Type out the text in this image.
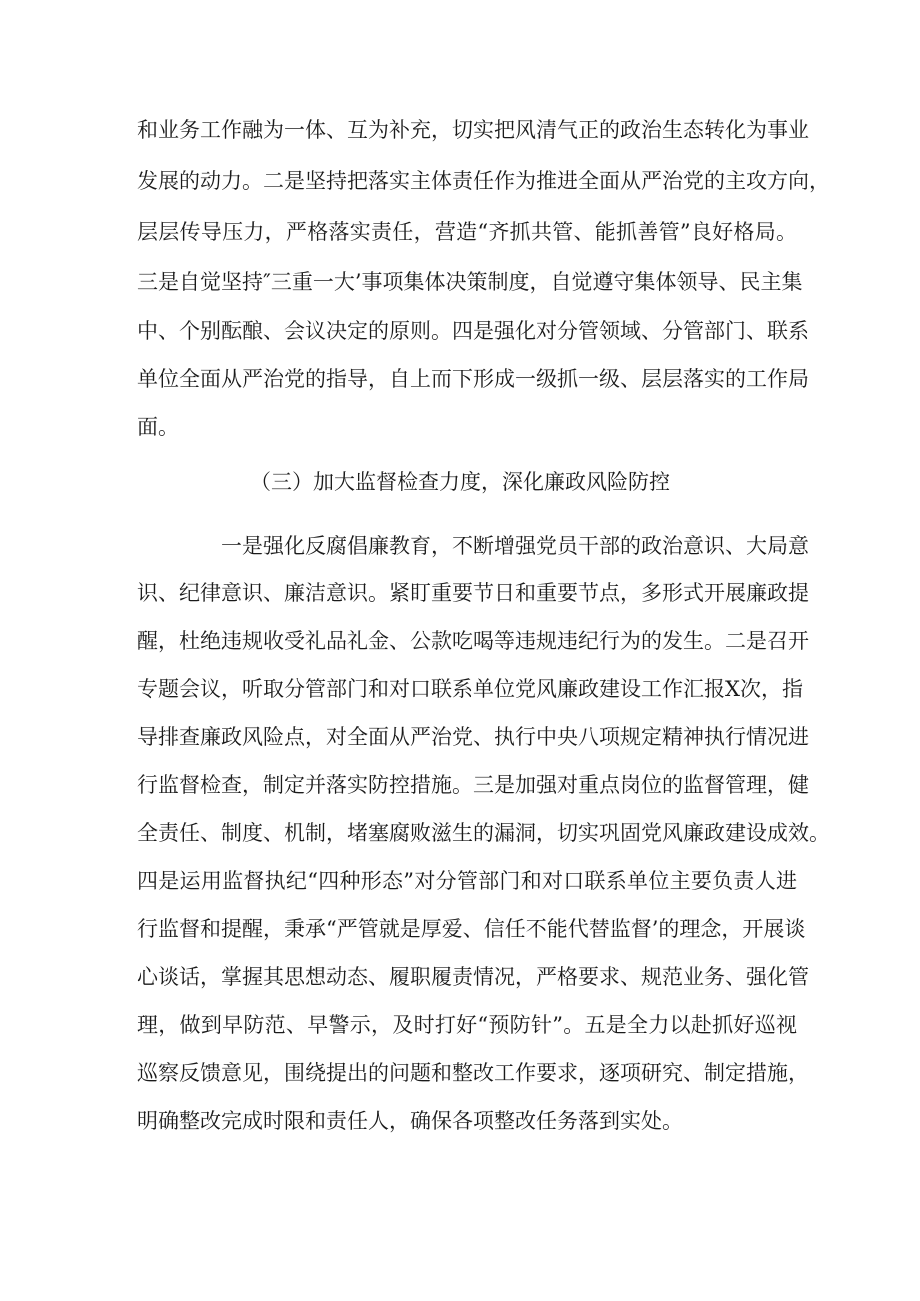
和业务工作融为一体、互为补充，切实把风清气正的政治生态转化为事业
发展的动力。二是坚持把落实主体责任作为推进全面从严治党的主攻方向，
层层传导压力，严格落实责任，营造“齐抓共管、能抓善管”良好格局。
三是自觉坚持″三重一大’事项集体决策制度，自觉遵守集体领导、民主集
中、个别酝酿、会议决定的原则。四是强化对分管领域、分管部门、联系
单位全面从严治党的指导，自上而下形成一级抓一级、层层落实的工作局
面。
（三）加大监督检查力度，深化廉政风险防控
一是强化反腐倡廉教育，不断增强党员干部的政治意识、大局意
识、纪律意识、廉洁意识。紧盯重要节日和重要节点，多形式开展廉政提
醒，杜绝违规收受礼品礼金、公款吃喝等违规违纪行为的发生。二是召开
专题会议，听取分管部门和对口联系单位党风廉政建设工作汇报X次，指
导排查廉政风险点，对全面从严治党、执行中央八项规定精神执行情况进
行监督检查，制定并落实防控措施。三是加强对重点岗位的监督管理，健
全责任、制度、机制，堵塞腐败滋生的漏洞，切实巩固党风廉政建设成效。
四是运用监督执纪“四种形态”对分管部门和对口联系单位主要负责人进
行监督和提醒，秉承“严管就是厚爱、信任不能代替监督’的理念，开展谈
心谈话，掌握其思想动态、履职履责情况，严格要求、规范业务、强化管
理，做到早防范、早警示，及时打好“预防针”。五是全力以赴抓好巡视
巡察反馈意见，围绕提出的问题和整改工作要求，逐项研究、制定措施，
明确整改完成时限和责任人，确保各项整改任务落到实处。
